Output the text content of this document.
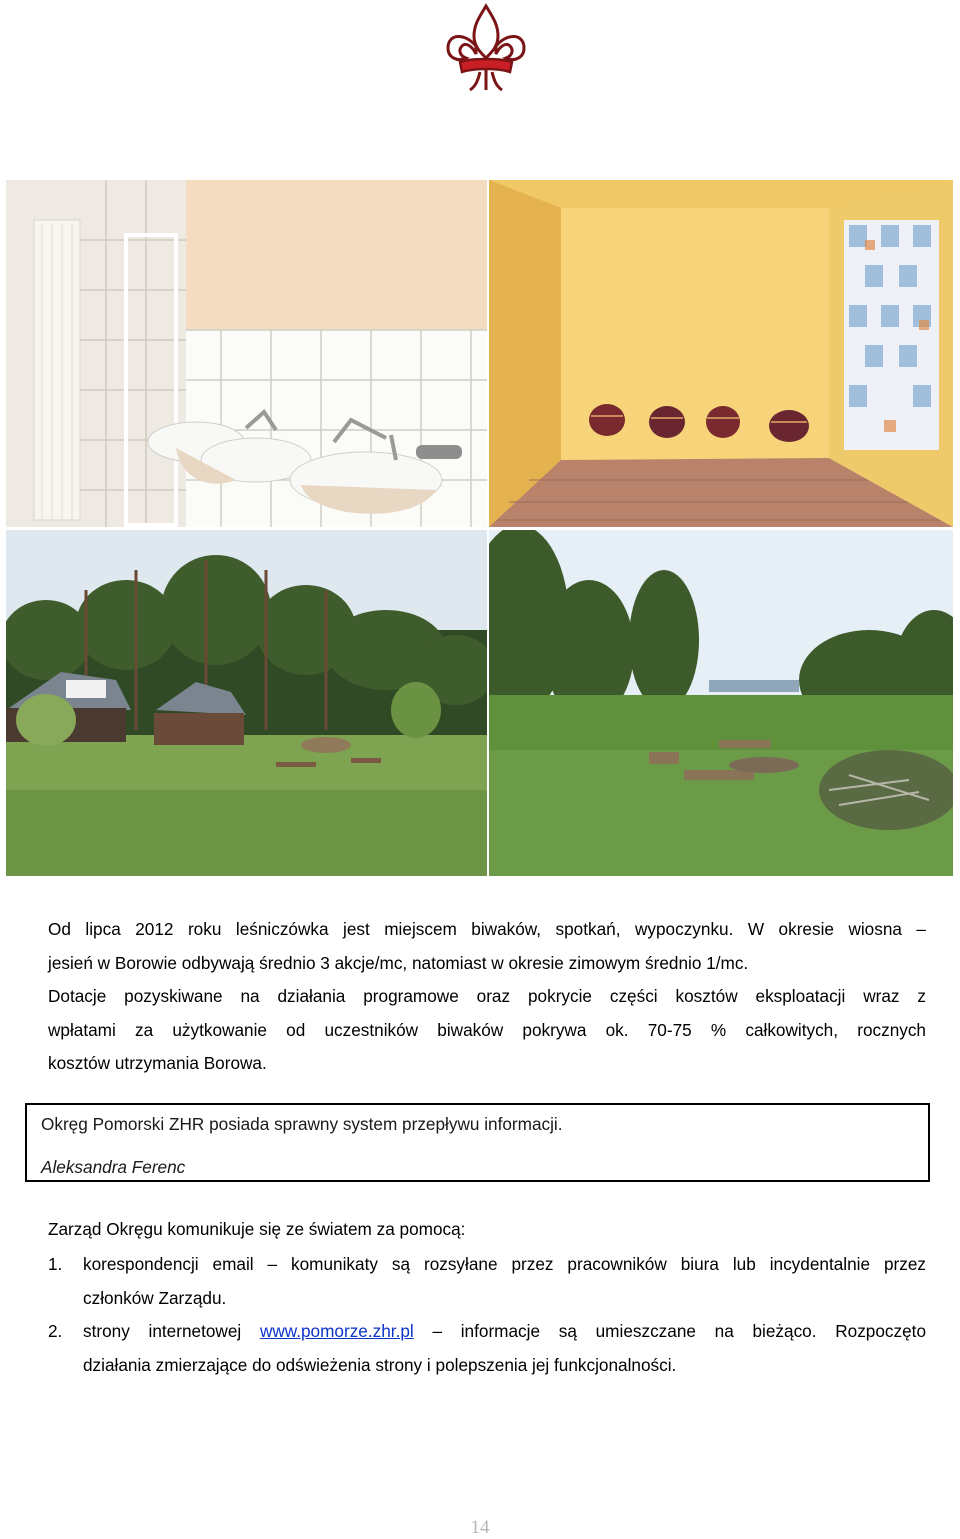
Od lipca 2012 roku leśniczówka jest miejscem biwaków, spotkań, wypoczynku. W okresie wiosna –
jesień w Borowie odbywają średnio 3 akcje/mc, natomiast w okresie zimowym średnio 1/mc.
Dotacje pozyskiwane na działania programowe oraz pokrycie części kosztów eksploatacji wraz z
wpłatami za użytkowanie od uczestników biwaków pokrywa ok. 70-75 % całkowitych, rocznych
kosztów utrzymania Borowa.
Okręg Pomorski ZHR posiada sprawny system przepływu informacji.
Aleksandra Ferenc
Zarząd Okręgu komunikuje się ze światem za pomocą:
1. korespondencji email – komunikaty są rozsyłane przez pracowników biura lub incydentalnie przez
członków Zarządu.
2. strony internetowej www.pomorze.zhr.pl – informacje są umieszczane na bieżąco. Rozpoczęto
działania zmierzające do odświeżenia strony i polepszenia jej funkcjonalności.
14
